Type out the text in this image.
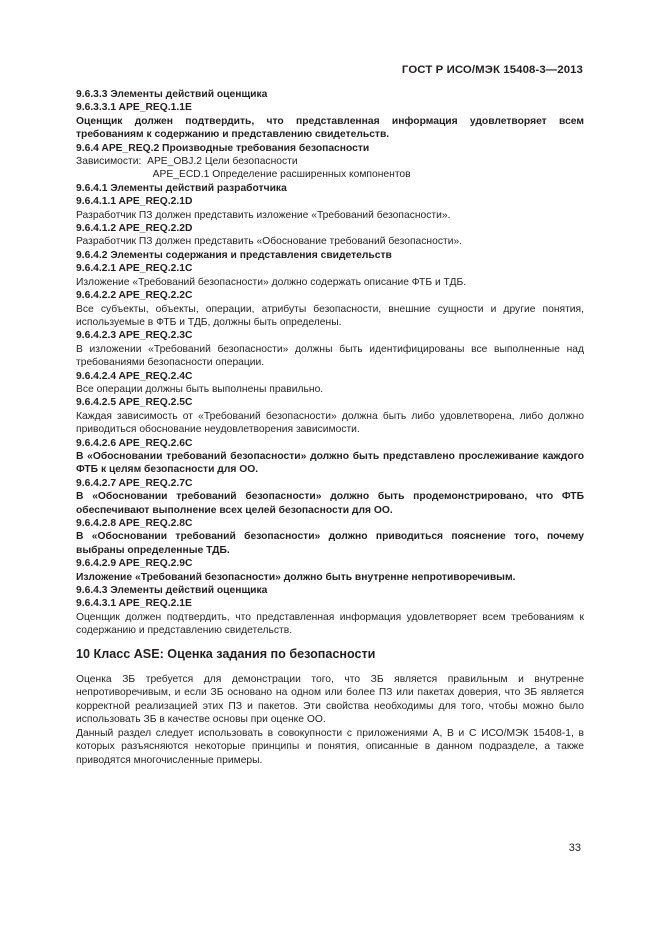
ГОСТ Р ИСО/МЭК 15408-3—2013

9.6.3.3 Элементы действий оценщика

9.6.3.3.1 APE_REQ.1.1E

Оценщик должен подтвердить, что представленная информация удовлетворяет всем требованиям к содержанию и представлению свидетельств.

9.6.4 APE_REQ.2 Производные требования безопасности

Зависимости:  APE_OBJ.2 Цели безопасности

APE_ECD.1 Определение расширенных компонентов

9.6.4.1 Элементы действий разработчика

9.6.4.1.1 APE_REQ.2.1D

Разработчик ПЗ должен представить изложение «Требований безопасности».

9.6.4.1.2 APE_REQ.2.2D

Разработчик ПЗ должен представить «Обоснование требований безопасности».

9.6.4.2 Элементы содержания и представления свидетельств

9.6.4.2.1 APE_REQ.2.1C

Изложение «Требований безопасности» должно содержать описание ФТБ и ТДБ.

9.6.4.2.2 APE_REQ.2.2C

Все субъекты, объекты, операции, атрибуты безопасности, внешние сущности и другие понятия, используемые в ФТБ и ТДБ, должны быть определены.

9.6.4.2.3 APE_REQ.2.3C

В изложении «Требований безопасности» должны быть идентифицированы все выполненные над требованиями безопасности операции.

9.6.4.2.4 APE_REQ.2.4C

Все операции должны быть выполнены правильно.

9.6.4.2.5 APE_REQ.2.5C

Каждая зависимость от «Требований безопасности» должна быть либо удовлетворена, либо должно приводиться обоснование неудовлетворения зависимости.

9.6.4.2.6 APE_REQ.2.6C

В «Обосновании требований безопасности» должно быть представлено прослеживание каждого ФТБ к целям безопасности для ОО.

9.6.4.2.7 APE_REQ.2.7C

В «Обосновании требований безопасности» должно быть продемонстрировано, что ФТБ обеспечивают выполнение всех целей безопасности для ОО.

9.6.4.2.8 APE_REQ.2.8C

В «Обосновании требований безопасности» должно приводиться пояснение того, почему выбраны определенные ТДБ.

9.6.4.2.9 APE_REQ.2.9C

Изложение «Требований безопасности» должно быть внутренне непротиворечивым.

9.6.4.3 Элементы действий оценщика

9.6.4.3.1 APE_REQ.2.1E

Оценщик должен подтвердить, что представленная информация удовлетворяет всем требованиям к содержанию и представлению свидетельств.

10 Класс ASE: Оценка задания по безопасности

Оценка ЗБ требуется для демонстрации того, что ЗБ является правильным и внутренне непротиворечивым, и если ЗБ основано на одном или более ПЗ или пакетах доверия, что ЗБ является корректной реализацией этих ПЗ и пакетов. Эти свойства необходимы для того, чтобы можно было использовать ЗБ в качестве основы при оценке ОО.

Данный раздел следует использовать в совокупности с приложениями А, В и С ИСО/МЭК 15408-1, в которых разъясняются некоторые принципы и понятия, описанные в данном подразделе, а также приводятся многочисленные примеры.

33
